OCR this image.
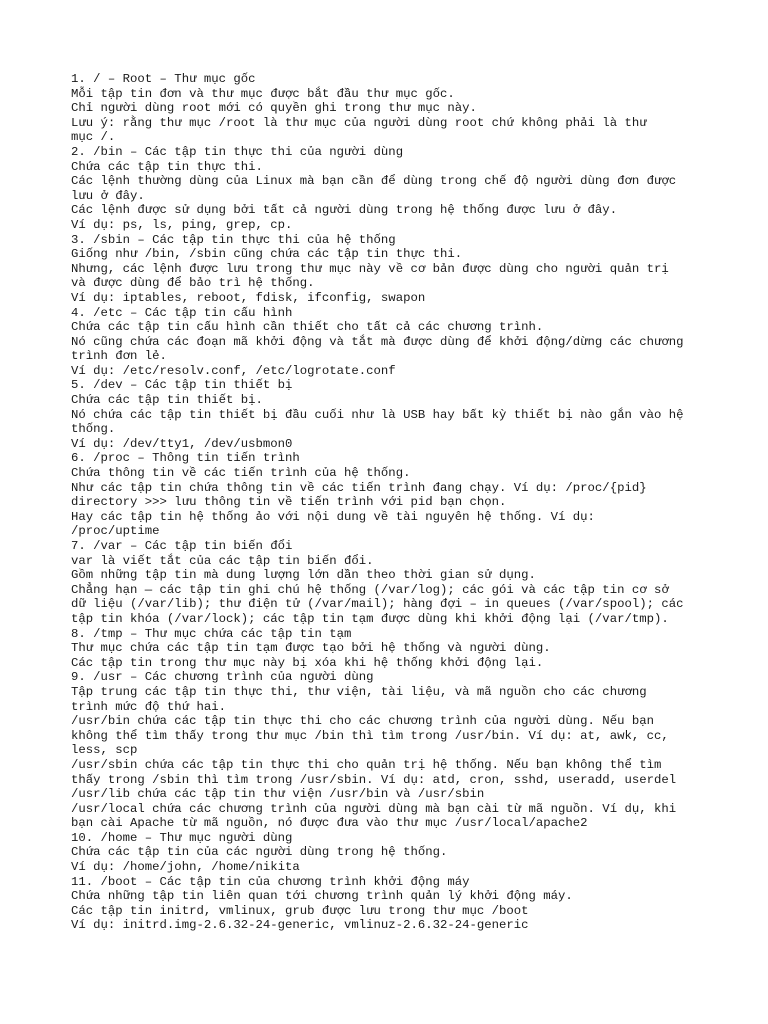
1. / – Root – Thư mục gốc
Mỗi tập tin đơn và thư mục được bắt đầu thư mục gốc.
Chỉ người dùng root mới có quyền ghi trong thư mục này.
Lưu ý: rằng thư mục /root là thư mục của người dùng root chứ không phải là thư
mục /.
2. /bin – Các tập tin thực thi của người dùng
Chứa các tập tin thực thi.
Các lệnh thường dùng của Linux mà bạn cần để dùng trong chế độ người dùng đơn được
lưu ở đây.
Các lệnh được sử dụng bởi tất cả người dùng trong hệ thống được lưu ở đây.
Ví dụ: ps, ls, ping, grep, cp.
3. /sbin – Các tập tin thực thi của hệ thống
Giống như /bin, /sbin cũng chứa các tập tin thực thi.
Nhưng, các lệnh được lưu trong thư mục này về cơ bản được dùng cho người quản trị
và được dùng để bảo trì hệ thống.
Ví dụ: iptables, reboot, fdisk, ifconfig, swapon
4. /etc – Các tập tin cấu hình
Chứa các tập tin cấu hình cần thiết cho tất cả các chương trình.
Nó cũng chứa các đoạn mã khởi động và tắt mà được dùng để khởi động/dừng các chương
trình đơn lẻ.
Ví dụ: /etc/resolv.conf, /etc/logrotate.conf
5. /dev – Các tập tin thiết bị
Chứa các tập tin thiết bị.
Nó chứa các tập tin thiết bị đầu cuối như là USB hay bất kỳ thiết bị nào gắn vào hệ
thống.
Ví dụ: /dev/tty1, /dev/usbmon0
6. /proc – Thông tin tiến trình
Chứa thông tin về các tiến trình của hệ thống.
Như các tập tin chứa thông tin về các tiến trình đang chạy. Ví dụ: /proc/{pid}
directory >>> lưu thông tin về tiến trình với pid bạn chọn.
Hay các tập tin hệ thống ảo với nội dung về tài nguyên hệ thống. Ví dụ:
/proc/uptime
7. /var – Các tập tin biến đổi
var là viết tắt của các tập tin biến đổi.
Gồm những tập tin mà dung lượng lớn dần theo thời gian sử dụng.
Chẳng hạn — các tập tin ghi chú hệ thống (/var/log); các gói và các tập tin cơ sở
dữ liệu (/var/lib); thư điện tử (/var/mail); hàng đợi – in queues (/var/spool); các
tập tin khóa (/var/lock); các tập tin tạm được dùng khi khởi động lại (/var/tmp).
8. /tmp – Thư mục chứa các tập tin tạm
Thư mục chứa các tập tin tạm được tạo bởi hệ thống và người dùng.
Các tập tin trong thư mục này bị xóa khi hệ thống khởi động lại.
9. /usr – Các chương trình của người dùng
Tập trung các tập tin thực thi, thư viện, tài liệu, và mã nguồn cho các chương
trình mức độ thứ hai.
/usr/bin chứa các tập tin thực thi cho các chương trình của người dùng. Nếu bạn
không thể tìm thấy trong thư mục /bin thì tìm trong /usr/bin. Ví dụ: at, awk, cc,
less, scp
/usr/sbin chứa các tập tin thực thi cho quản trị hệ thống. Nếu bạn không thể tìm
thấy trong /sbin thì tìm trong /usr/sbin. Ví dụ: atd, cron, sshd, useradd, userdel
/usr/lib chứa các tập tin thư viện /usr/bin và /usr/sbin
/usr/local chứa các chương trình của người dùng mà bạn cài từ mã nguồn. Ví dụ, khi
bạn cài Apache từ mã nguồn, nó được đưa vào thư mục /usr/local/apache2
10. /home – Thư mục người dùng
Chứa các tập tin của các người dùng trong hệ thống.
Ví dụ: /home/john, /home/nikita
11. /boot – Các tập tin của chương trình khởi động máy
Chứa những tập tin liên quan tới chương trình quản lý khởi động máy.
Các tập tin initrd, vmlinux, grub được lưu trong thư mục /boot
Ví dụ: initrd.img-2.6.32-24-generic, vmlinuz-2.6.32-24-generic
